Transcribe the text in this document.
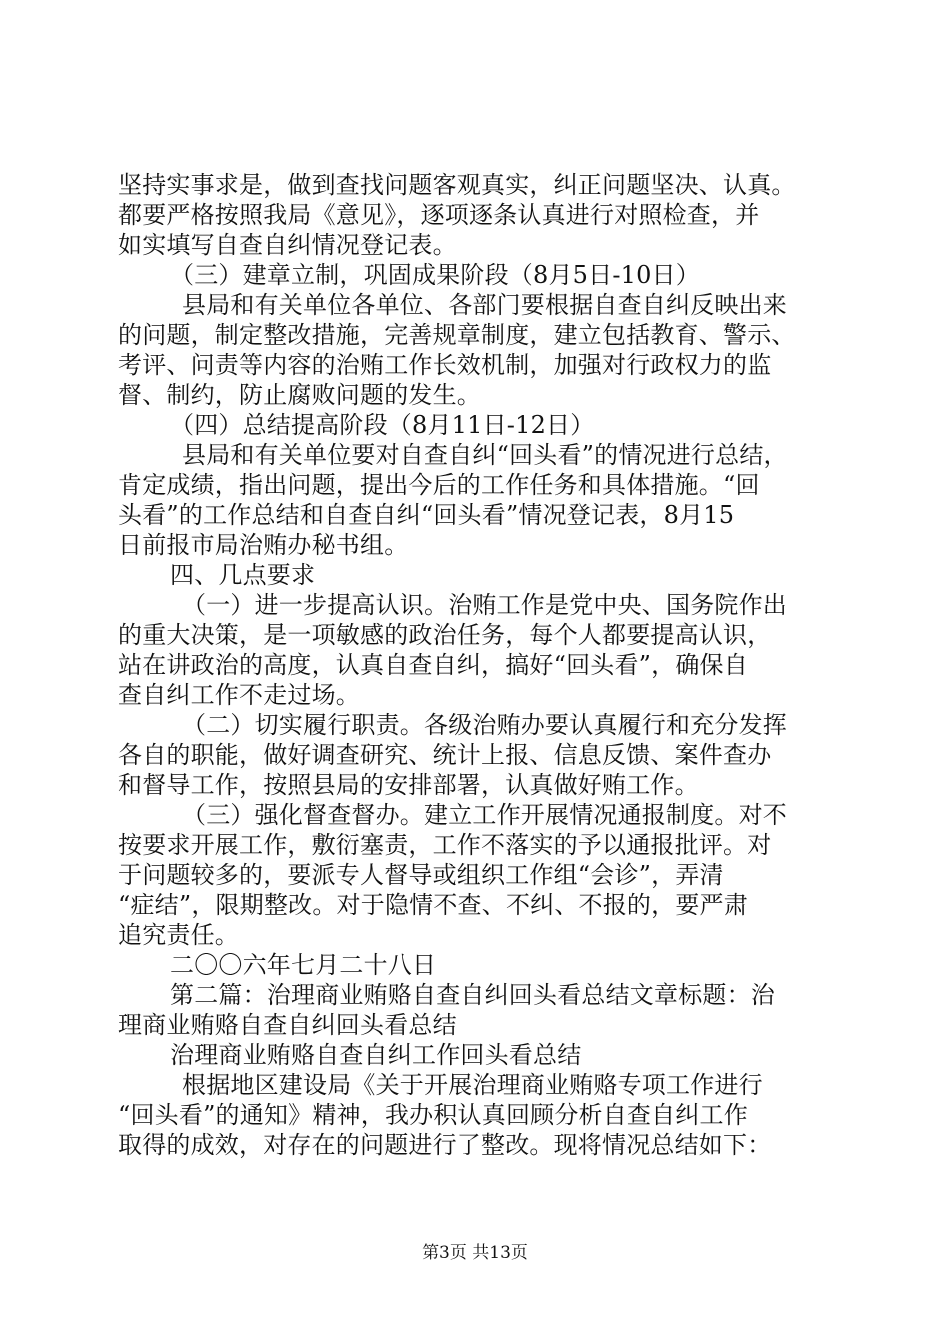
坚持实事求是，做到查找问题客观真实，纠正问题坚决、认真。
都要严格按照我局《意见》，逐项逐条认真进行对照检查，并
如实填写自查自纠情况登记表。
（三）建章立制，巩固成果阶段（8月5日-10日）
县局和有关单位各单位、各部门要根据自查自纠反映出来
的问题，制定整改措施，完善规章制度，建立包括教育、警示、
考评、问责等内容的治贿工作长效机制，加强对行政权力的监
督、制约，防止腐败问题的发生。
（四）总结提高阶段（8月11日-12日）
县局和有关单位要对自查自纠“回头看”的情况进行总结，
肯定成绩，指出问题，提出今后的工作任务和具体措施。“回
头看”的工作总结和自查自纠“回头看”情况登记表，8月15
日前报市局治贿办秘书组。
四、几点要求
（一）进一步提高认识。治贿工作是党中央、国务院作出
的重大决策，是一项敏感的政治任务，每个人都要提高认识，
站在讲政治的高度，认真自查自纠，搞好“回头看”，确保自
查自纠工作不走过场。
（二）切实履行职责。各级治贿办要认真履行和充分发挥
各自的职能，做好调查研究、统计上报、信息反馈、案件查办
和督导工作，按照县局的安排部署，认真做好贿工作。
（三）强化督查督办。建立工作开展情况通报制度。对不
按要求开展工作，敷衍塞责，工作不落实的予以通报批评。对
于问题较多的，要派专人督导或组织工作组“会诊”，弄清
“症结”，限期整改。对于隐情不查、不纠、不报的，要严肃
追究责任。
二〇〇六年七月二十八日
第二篇：治理商业贿赂自查自纠回头看总结文章标题：治
理商业贿赂自查自纠回头看总结
治理商业贿赂自查自纠工作回头看总结
根据地区建设局《关于开展治理商业贿赂专项工作进行
“回头看”的通知》精神，我办积认真回顾分析自查自纠工作
取得的成效，对存在的问题进行了整改。现将情况总结如下：
第3页 共13页
